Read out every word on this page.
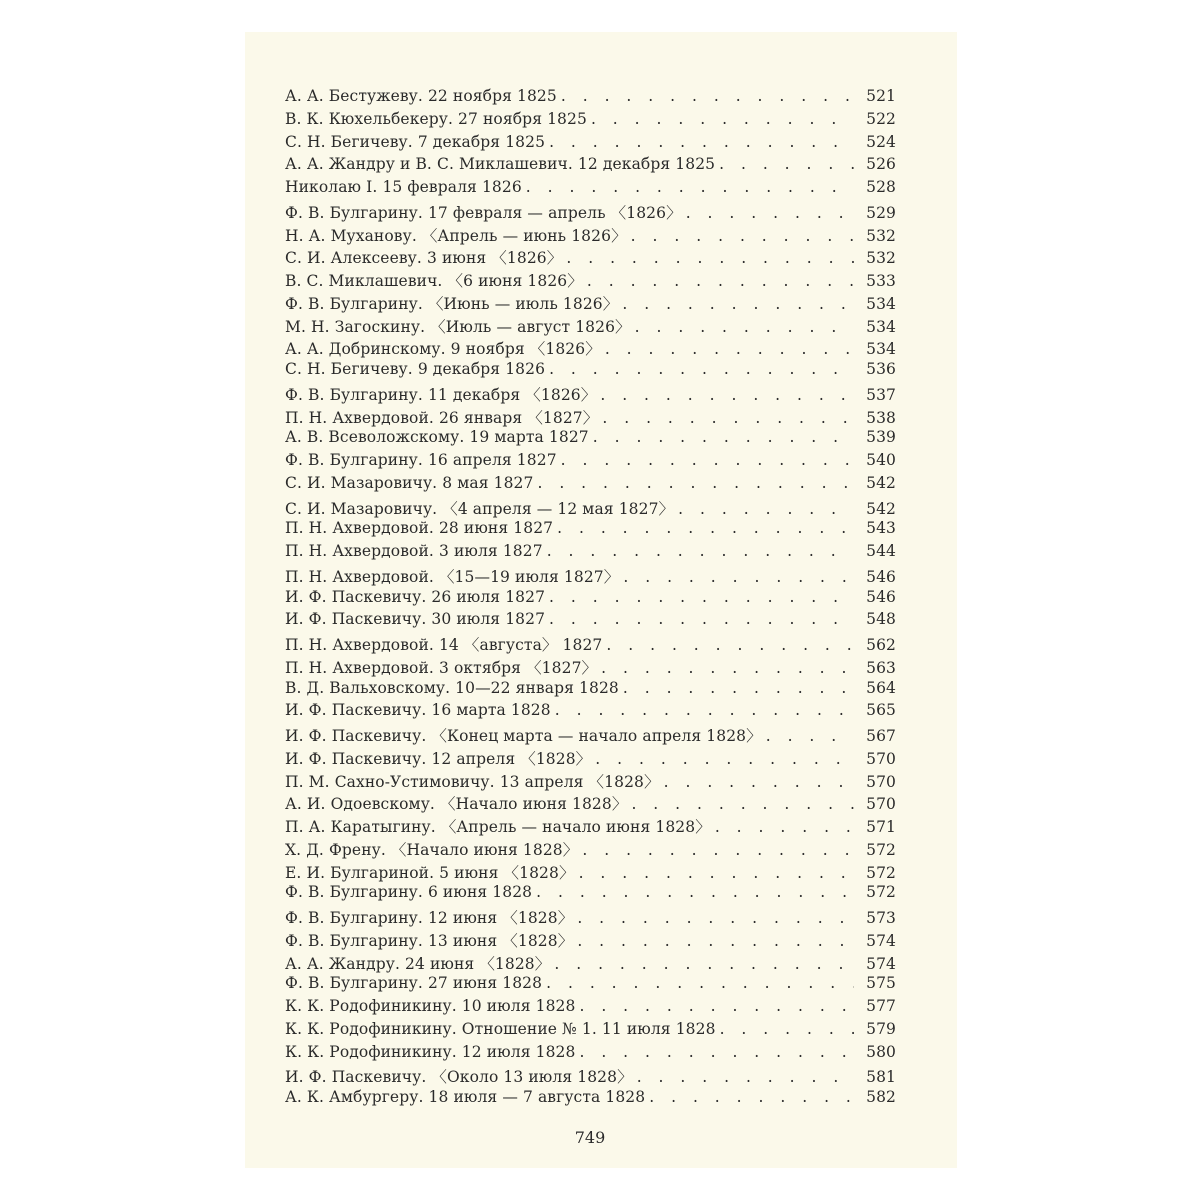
А. А. Бестужеву. 22 ноября 1825 . . .	521
В. К. Кюхельбекеру. 27 ноября 1825 . . .	522
С. Н. Бегичеву. 7 декабря 1825 . . .	524
А. А. Жандру и В. С. Миклашевич. 12 декабря 1825 . . .	526
Николаю I. 15 февраля 1826 . . .	528
Ф. В. Булгарину. 17 февраля — апрель 〈1826〉 . . .	529
Н. А. Муханову. 〈Апрель — июнь 1826〉 . . .	532
С. И. Алексееву. 3 июня 〈1826〉 . . .	532
В. С. Миклашевич. 〈6 июня 1826〉 . . .	533
Ф. В. Булгарину. 〈Июнь — июль 1826〉 . . .	534
М. Н. Загоскину. 〈Июль — август 1826〉 . . .	534
А. А. Добринскому. 9 ноября 〈1826〉 . . .	534
С. Н. Бегичеву. 9 декабря 1826 . . .	536
Ф. В. Булгарину. 11 декабря 〈1826〉 . . .	537
П. Н. Ахвердовой. 26 января 〈1827〉 . . .	538
А. В. Всеволожскому. 19 марта 1827 . . .	539
Ф. В. Булгарину. 16 апреля 1827 . . .	540
С. И. Мазаровичу. 8 мая 1827 . . .	542
С. И. Мазаровичу. 〈4 апреля — 12 мая 1827〉 . . .	542
П. Н. Ахвердовой. 28 июня 1827 . . .	543
П. Н. Ахвердовой. 3 июля 1827 . . .	544
П. Н. Ахвердовой. 〈15—19 июля 1827〉 . . .	546
И. Ф. Паскевичу. 26 июля 1827 . . .	546
И. Ф. Паскевичу. 30 июля 1827 . . .	548
П. Н. Ахвердовой. 14 〈августа〉 1827 . . .	562
П. Н. Ахвердовой. 3 октября 〈1827〉 . . .	563
В. Д. Вальховскому. 10—22 января 1828 . . .	564
И. Ф. Паскевичу. 16 марта 1828 . . .	565
И. Ф. Паскевичу. 〈Конец марта — начало апреля 1828〉 . . .	567
И. Ф. Паскевичу. 12 апреля 〈1828〉 . . .	570
П. М. Сахно-Устимовичу. 13 апреля 〈1828〉 . . .	570
А. И. Одоевскому. 〈Начало июня 1828〉 . . .	570
П. А. Каратыгину. 〈Апрель — начало июня 1828〉 . . .	571
Х. Д. Френу. 〈Начало июня 1828〉 . . .	572
Е. И. Булгариной. 5 июня 〈1828〉 . . .	572
Ф. В. Булгарину. 6 июня 1828 . . .	572
Ф. В. Булгарину. 12 июня 〈1828〉 . . .	573
Ф. В. Булгарину. 13 июня 〈1828〉 . . .	574
А. А. Жандру. 24 июня 〈1828〉 . . .	574
Ф. В. Булгарину. 27 июня 1828 . . .	575
К. К. Родофиникину. 10 июля 1828 . . .	577
К. К. Родофиникину. Отношение № 1. 11 июля 1828 . . .	579
К. К. Родофиникину. 12 июля 1828 . . .	580
И. Ф. Паскевичу. 〈Около 13 июля 1828〉 . . .	581
А. К. Амбургеру. 18 июля — 7 августа 1828 . . .	582
749
